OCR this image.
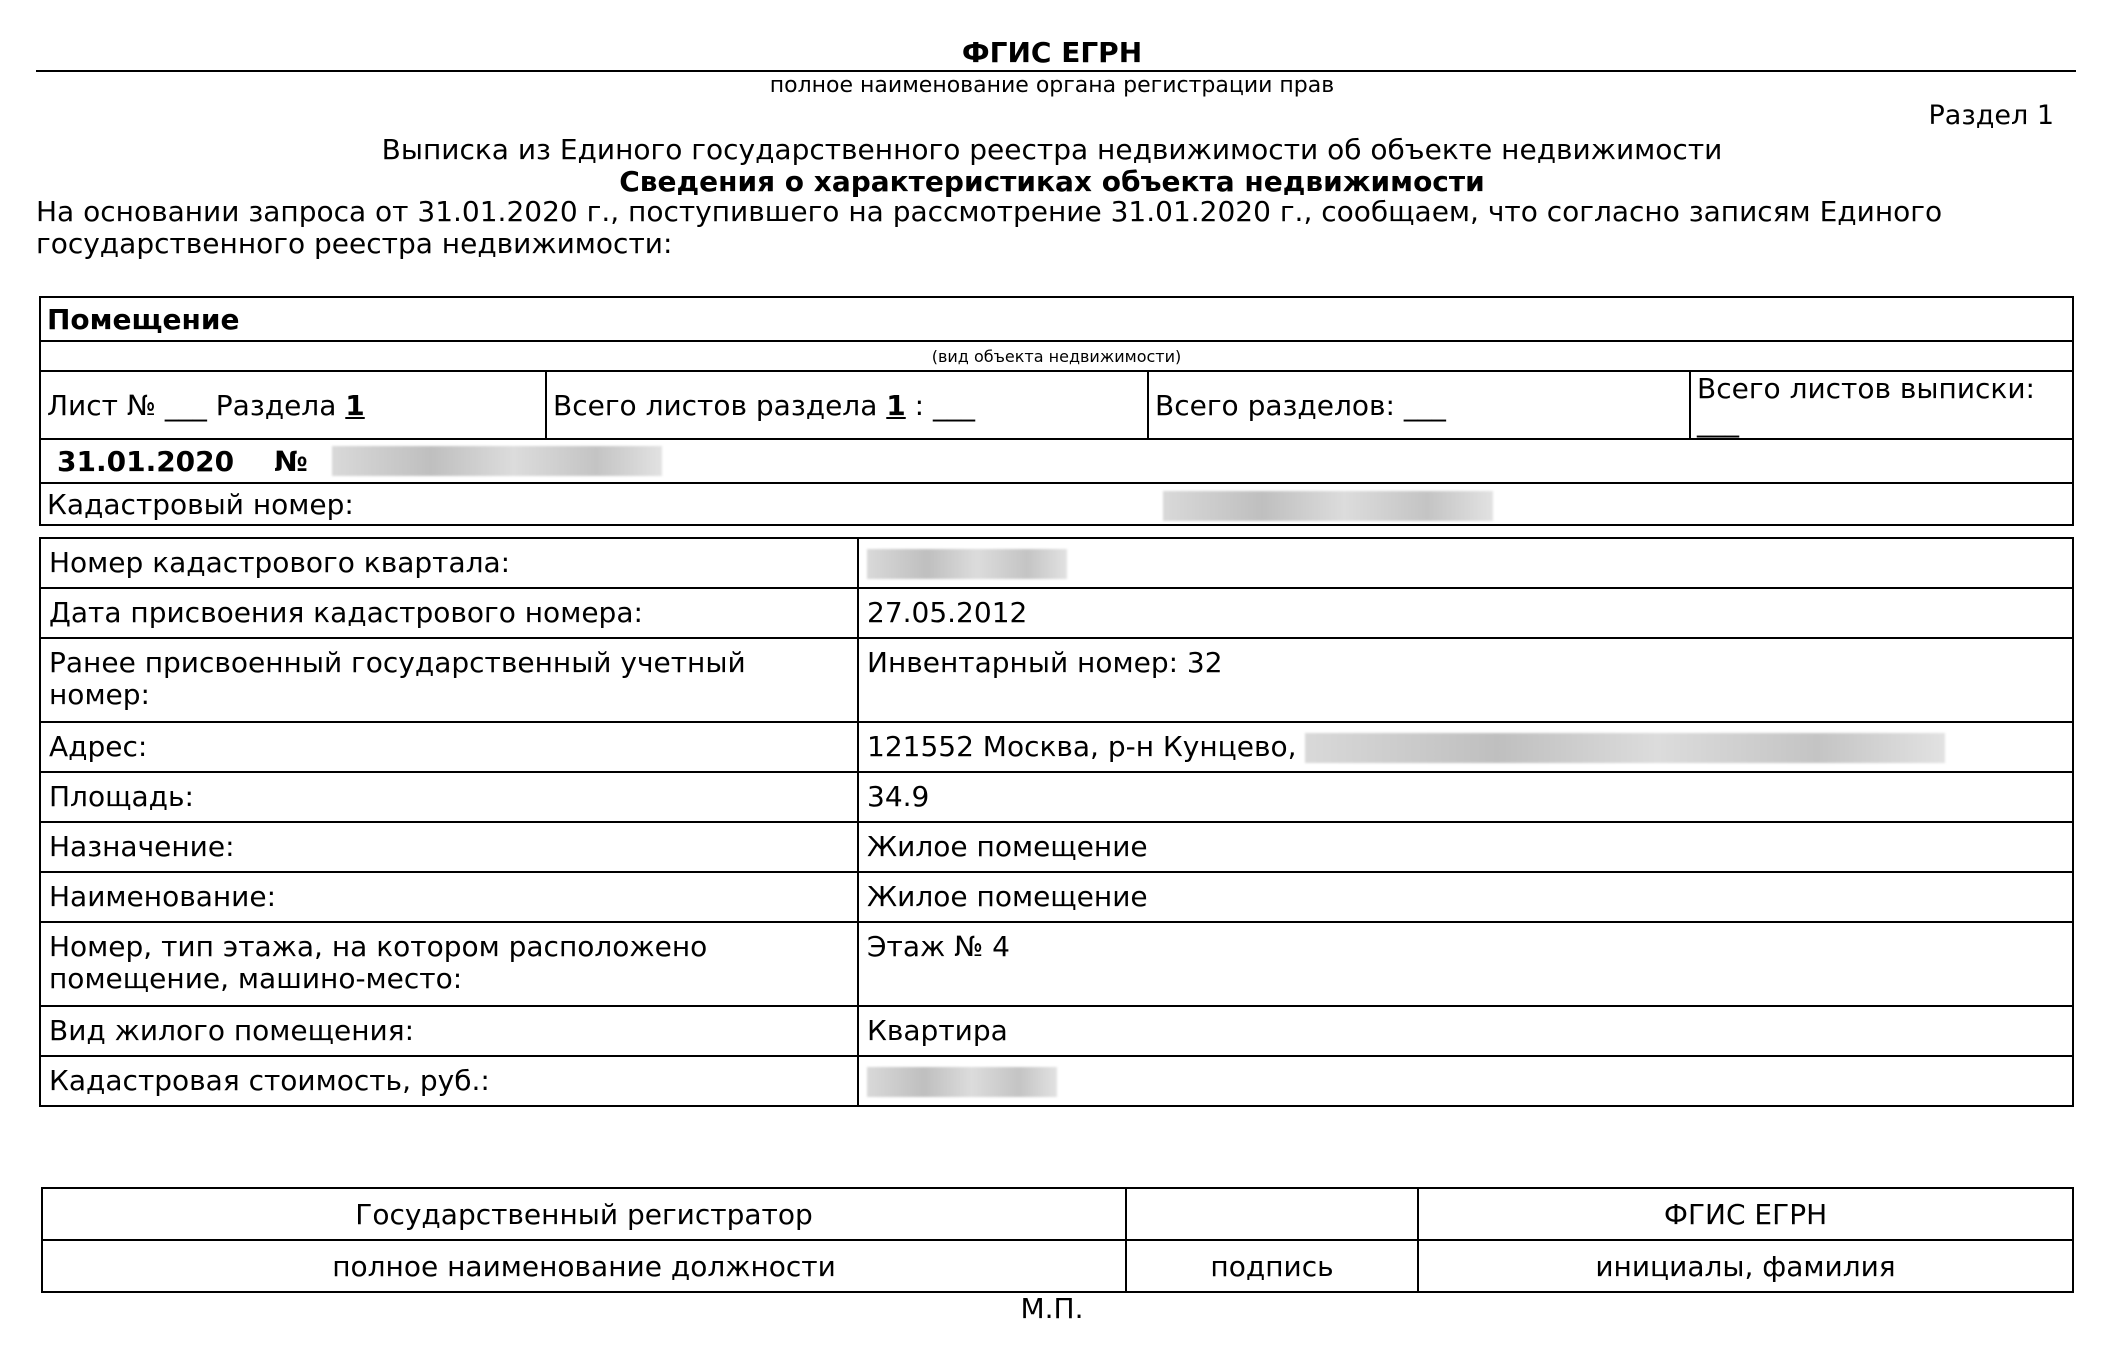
ФГИС ЕГРН
полное наименование органа регистрации прав
Раздел 1
Выписка из Единого государственного реестра недвижимости об объекте недвижимости
Сведения о характеристиках объекта недвижимости
На основании запроса от 31.01.2020 г., поступившего на рассмотрение 31.01.2020 г., сообщаем, что согласно записям Единого государственного реестра недвижимости:
Помещение
(вид объекта недвижимости)
Лист № ___ Раздела 1	Всего листов раздела 1 : ___	Всего разделов: ___	Всего листов выписки: ___

31.01.2020 №

Кадастровый номер:
Номер кадастрового квартала:	
Дата присвоения кадастрового номера:	27.05.2012
Ранее присвоенный государственный учетный номер:	Инвентарный номер: 32
Адрес:	121552 Москва, р-н Кунцево,
Площадь:	34.9
Назначение:	Жилое помещение
Наименование:	Жилое помещение
Номер, тип этажа, на котором расположено помещение, машино-место:	Этаж № 4
Вид жилого помещения:	Квартира
Кадастровая стоимость, руб.:	
Государственный регистратор		ФГИС ЕГРН
полное наименование должности	подпись	инициалы, фамилия
М.П.
